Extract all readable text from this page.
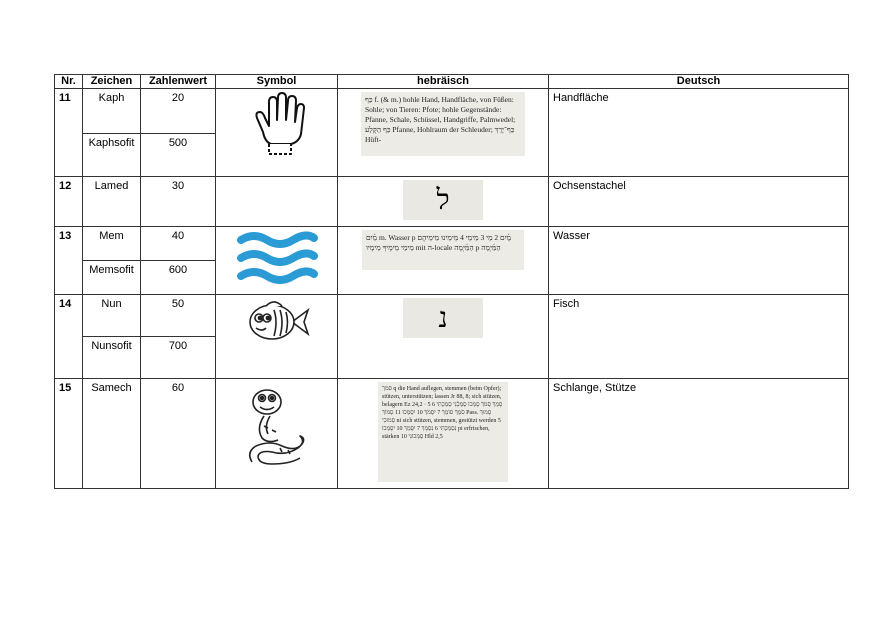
Nr.	Zeichen	Zahlenwert	Symbol	hebräisch	Deutsch
11	Kaph	20		כַּף f. (& m.) hohle Hand, Handfläche, von Füßen: Sohle; von Tieren: Pfote; hohle Gegenstände: Pfanne, Schale, Schüssel, Handgriffe, Palmwedel; כַּף הַקֶּלַע Pfanne, Hohlraum der Schleuder; כַּף־יָרֵךְ Hüft-	Handfläche
	Kaphsofit	500			
12	Lamed	30		ל	Ochsenstachel
13	Mem	40		מַ֫יִם m. Wasser p מָ֫יִם 2 מֵי 3 מֵימֵי 4 מֵימֵינוּ מֵימֵיהֶם מֵימֵי מֵימֶיךָ מֵימָיו mit ה-locale הַמַּ֫יְמָה p הַמַּ֫יְמָה	Wasser
	Memsofit	600			
14	Nun	50		נ	Fisch
	Nunsofit	700			
15	Samech	60		סמך q die Hand auflegen, stemmen (beim Opfer); stützen, unterstützen; lassen Jr 88, 8; sich stützen, belagern Ez 24,2 · 5 סָמַךְ סְמֹךְ סָמְכוּ סְמָכָ֫נִי סְמַכְתִּי 6 סֹמֵךְ סוֹמֵךְ 7 יִסְמֹךְ 10 יִסְמְכוּ 11 סְמוֹךְ Pass. סָמוּךְ סְמוּכִי ni sich stützen, stemmen, gestützt werden 5 נִסְמַכְתִּי 6 נִסְמָךְ 7 יִסָּמֵךְ 10 יִסָּמְכוּ pi erfrischen, stärken 10 סַמְּכוּנִי Hld 2,5	Schlange, Stütze
